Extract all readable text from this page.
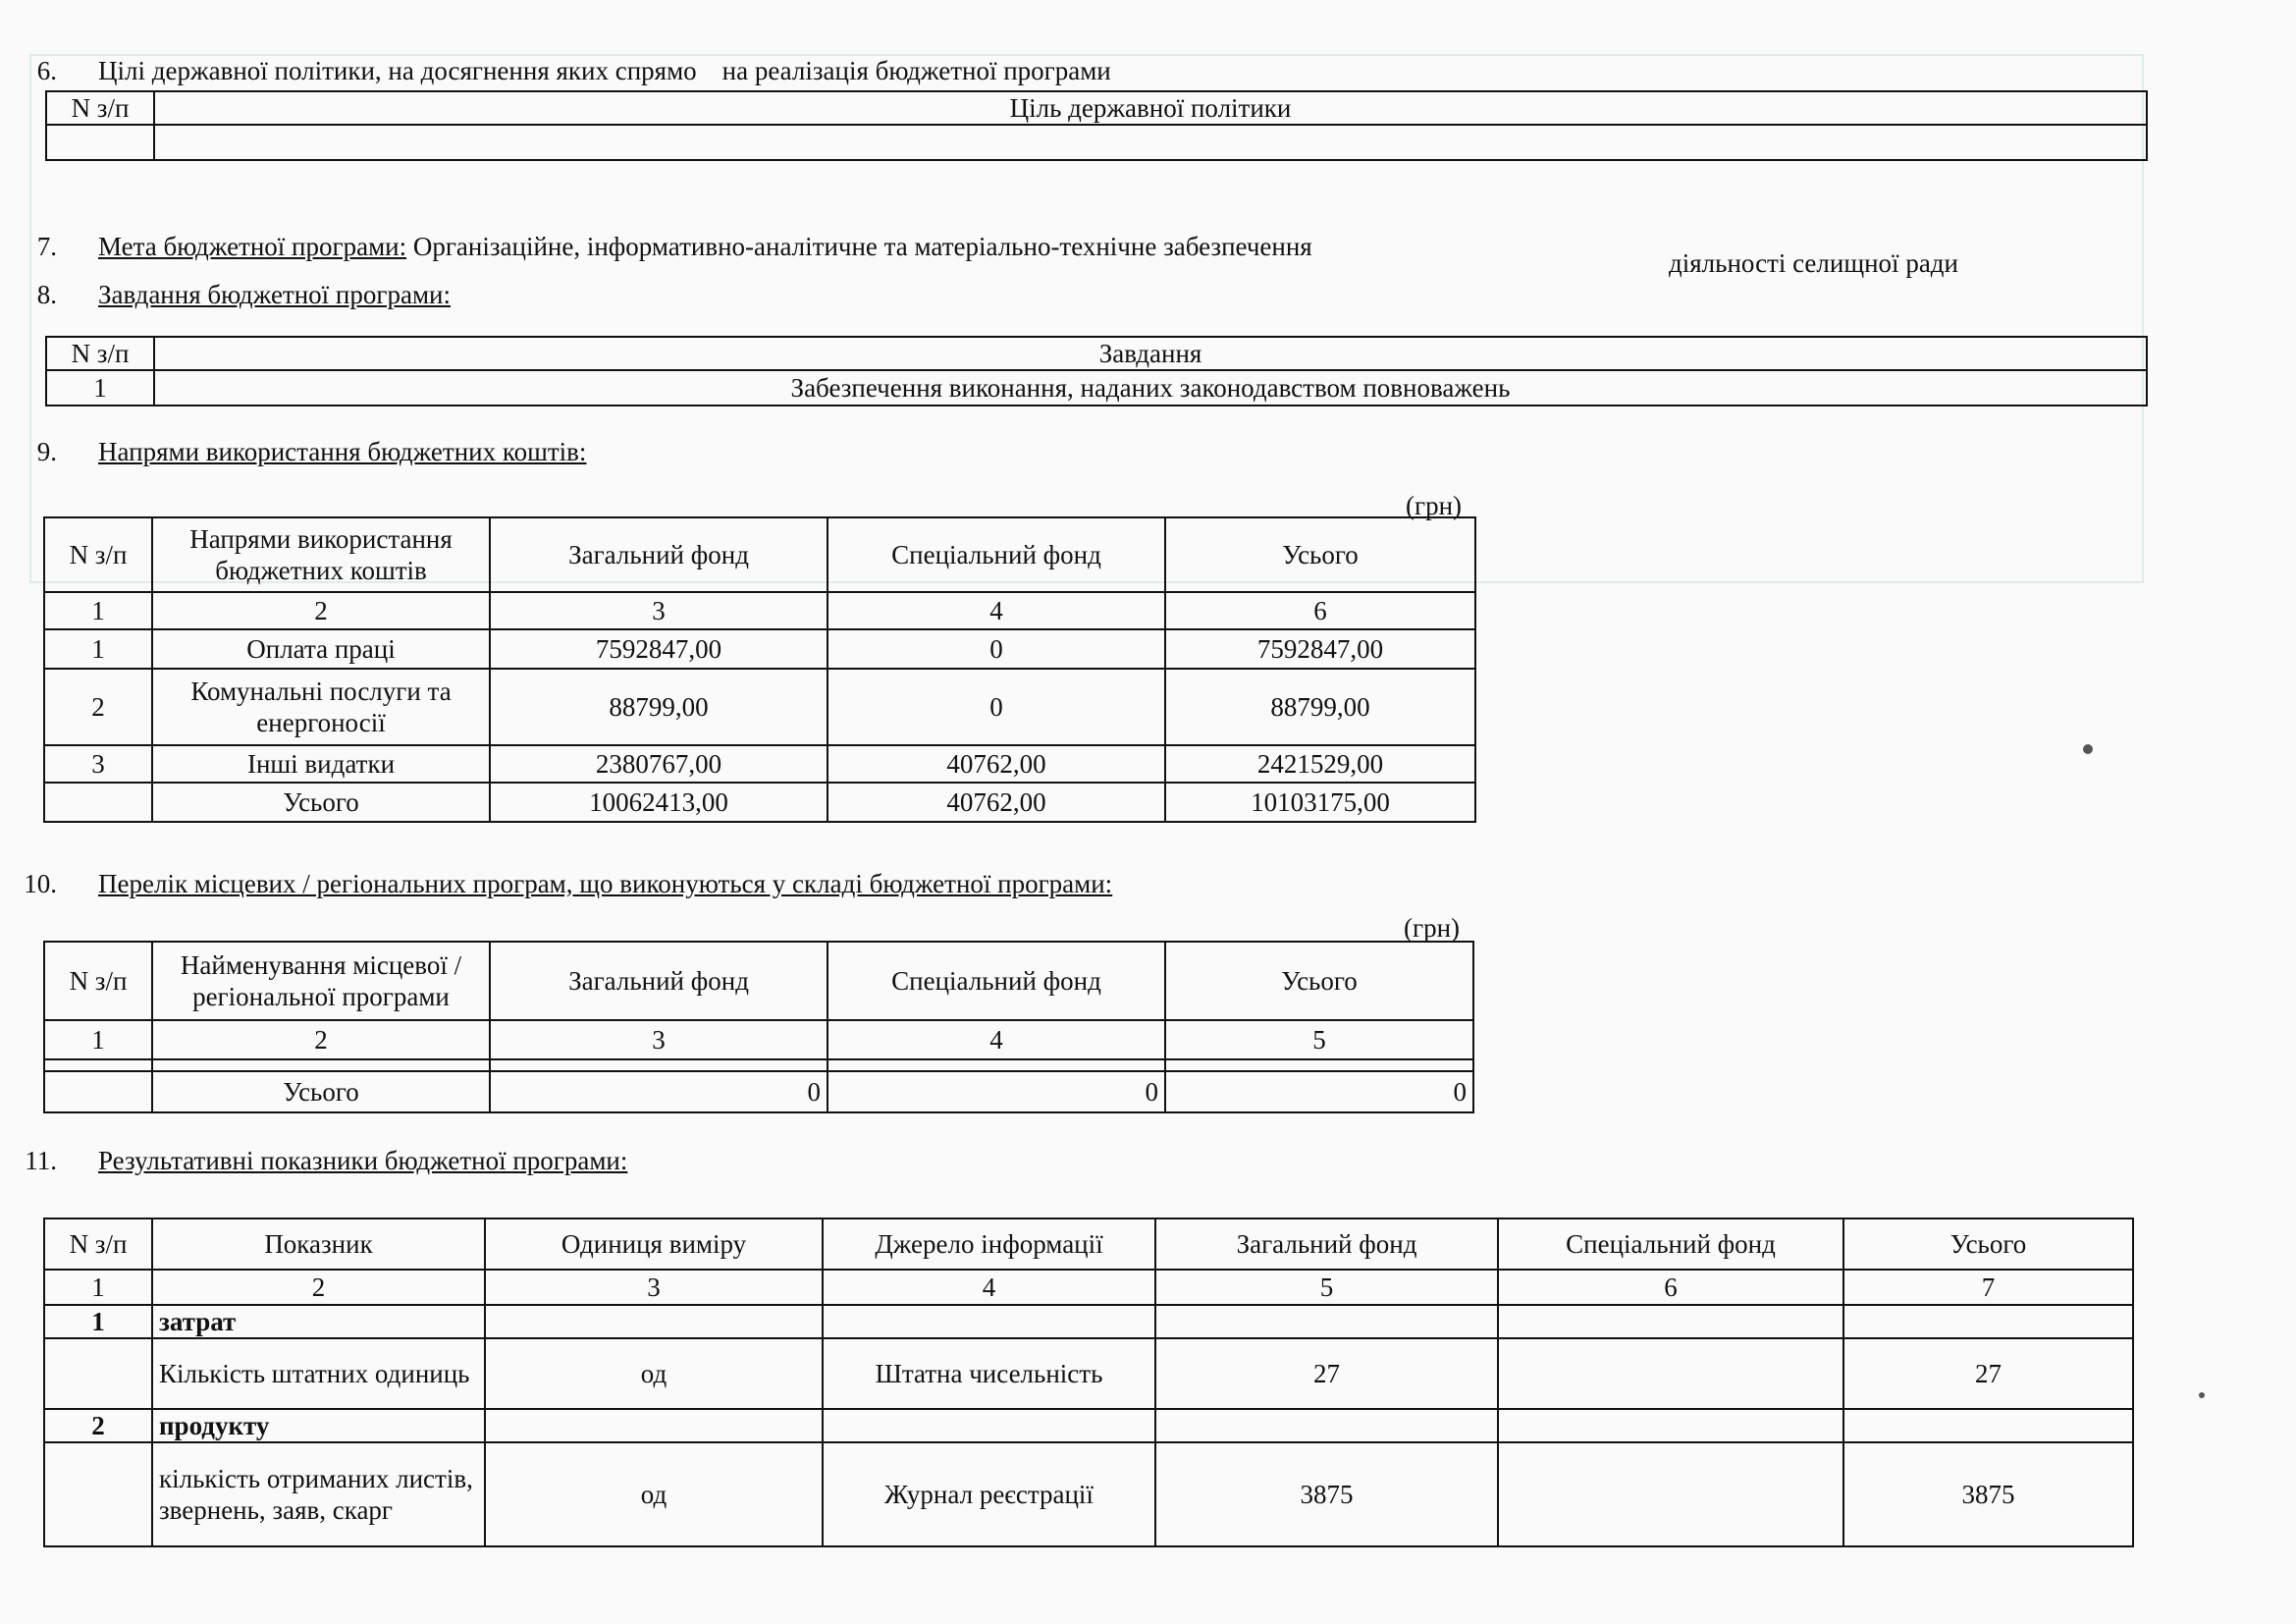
6. Цілі державної політики, на досягнення яких спрямо на реалізація бюджетної програми
N з/п	Ціль державної політики

7. Мета бюджетної програми: Організаційне, інформативно-аналітичне та матеріально-технічне забезпечення
діяльності селищної ради
8. Завдання бюджетної програми:
N з/п	Завдання
1	Забезпечення виконання, наданих законодавством повноважень
9. Напрями використання бюджетних коштів:
(грн)
N з/п	Напрями використання бюджетних коштів	Загальний фонд	Спеціальний фонд	Усього
1	2	3	4	6
1	Оплата праці	7592847,00	0	7592847,00
2	Комунальні послуги та енергоносії	88799,00	0	88799,00
3	Інші видатки	2380767,00	40762,00	2421529,00
	Усього	10062413,00	40762,00	10103175,00
10. Перелік місцевих / регіональних програм, що виконуються у складі бюджетної програми:
(грн)
N з/п	Найменування місцевої / регіональної програми	Загальний фонд	Спеціальний фонд	Усього
1	2	3	4	5

	Усього	0	0	0
11. Результативні показники бюджетної програми:
N з/п	Показник	Одиниця виміру	Джерело інформації	Загальний фонд	Спеціальний фонд	Усього
1	2	3	4	5	6	7
1	затрат					
	Кількість штатних одиниць	од	Штатна чисельність	27		27
2	продукту					
	кількість отриманих листів, звернень, заяв, скарг	од	Журнал реєстрації	3875		3875
